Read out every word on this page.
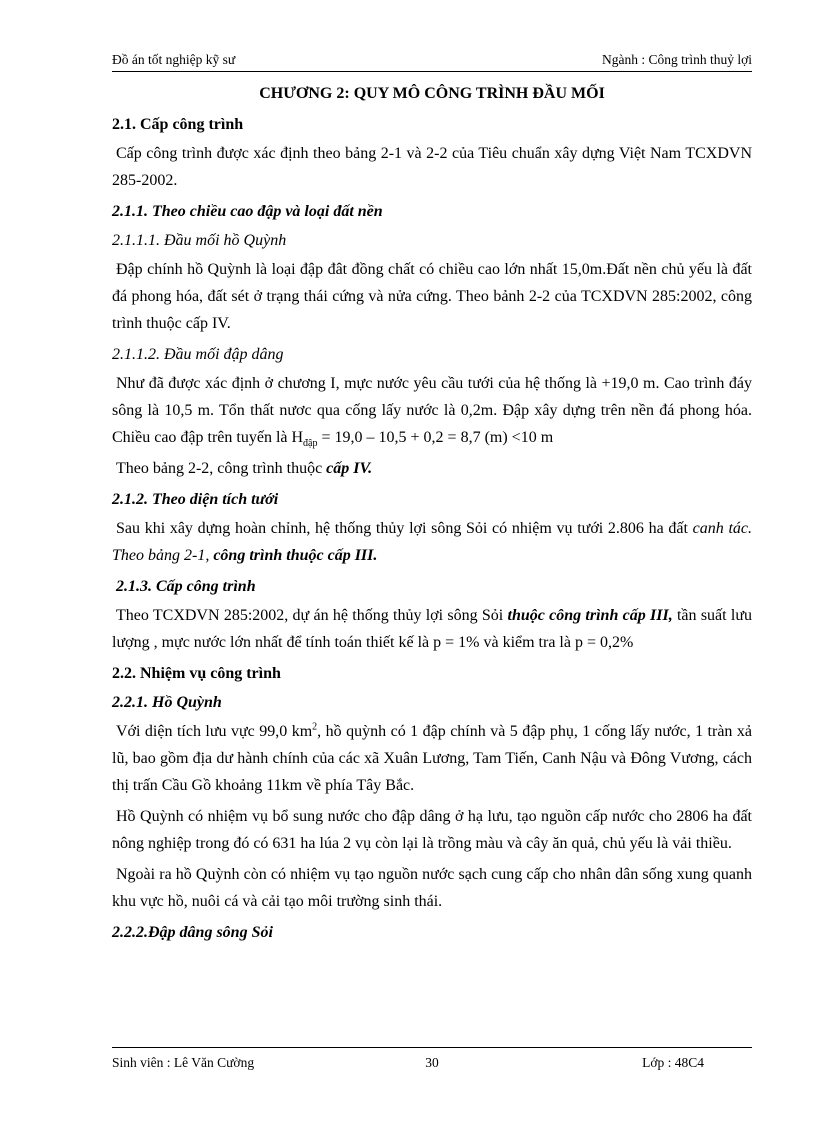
Đồ án tốt nghiệp kỹ sư	Ngành : Công trình thuỷ lợi
CHƯƠNG 2: QUY MÔ CÔNG TRÌNH ĐẦU MỐI
2.1. Cấp công trình
Cấp công trình được xác định theo bảng 2-1 và 2-2 của Tiêu chuẩn xây dựng Việt Nam TCXDVN 285-2002.
2.1.1. Theo chiều cao đập và loại đất nền
2.1.1.1. Đầu mối hồ Quỳnh
Đập chính hồ Quỳnh là loại đập đât đồng chất có chiều cao lớn nhất 15,0m.Đất nền chủ yếu là đất đá phong hóa, đất sét ở trạng thái cứng và nửa cứng. Theo bảnh 2-2 của TCXDVN 285:2002, công trình thuộc cấp IV.
2.1.1.2. Đầu mối đập dâng
Như đã được xác định ở chương I, mực nước yêu cầu tưới của hệ thống là +19,0 m. Cao trình đáy sông là 10,5 m. Tổn thất nươc qua cống lấy nước là 0,2m. Đập xây dựng trên nền đá phong hóa. Chiều cao đập trên tuyến là $H_{đập} = 19,0 - 10,5 + 0,2 = 8,7$ (m) <10 m
Theo bảng 2-2, công trình thuộc cấp IV.
2.1.2. Theo diện tích tưới
Sau khi xây dựng hoàn chỉnh, hệ thống thủy lợi sông Sỏi có nhiệm vụ tưới 2.806 ha đất canh tác. Theo bảng 2-1, công trình thuộc cấp III.
2.1.3. Cấp công trình
Theo TCXDVN 285:2002, dự án hệ thống thủy lợi sông Sỏi thuộc công trình cấp III, tần suất lưu lượng , mực nước lớn nhất để tính toán thiết kế là p = 1% và kiểm tra là p = 0,2%
2.2. Nhiệm vụ công trình
2.2.1. Hồ Quỳnh
Với diện tích lưu vực 99,0 $km^2$, hồ quỳnh có 1 đập chính và 5 đập phụ, 1 cống lấy nước, 1 tràn xả lũ, bao gồm địa dư hành chính của các xã Xuân Lương, Tam Tiến, Canh Nậu và Đông Vương, cách thị trấn Cầu Gồ khoảng 11km về phía Tây Bắc.
Hồ Quỳnh có nhiệm vụ bổ sung nước cho đập dâng ở hạ lưu, tạo nguồn cấp nước cho 2806 ha đất nông nghiệp trong đó có 631 ha lúa 2 vụ còn lại là trồng màu và cây ăn quả, chủ yếu là vải thiều.
Ngoài ra hồ Quỳnh còn có nhiệm vụ tạo nguồn nước sạch cung cấp cho nhân dân sống xung quanh khu vực hồ, nuôi cá và cải tạo môi trường sinh thái.
2.2.2.Đập dâng sông Sỏi
Sinh viên : Lê Văn Cường	30	Lớp : 48C4
